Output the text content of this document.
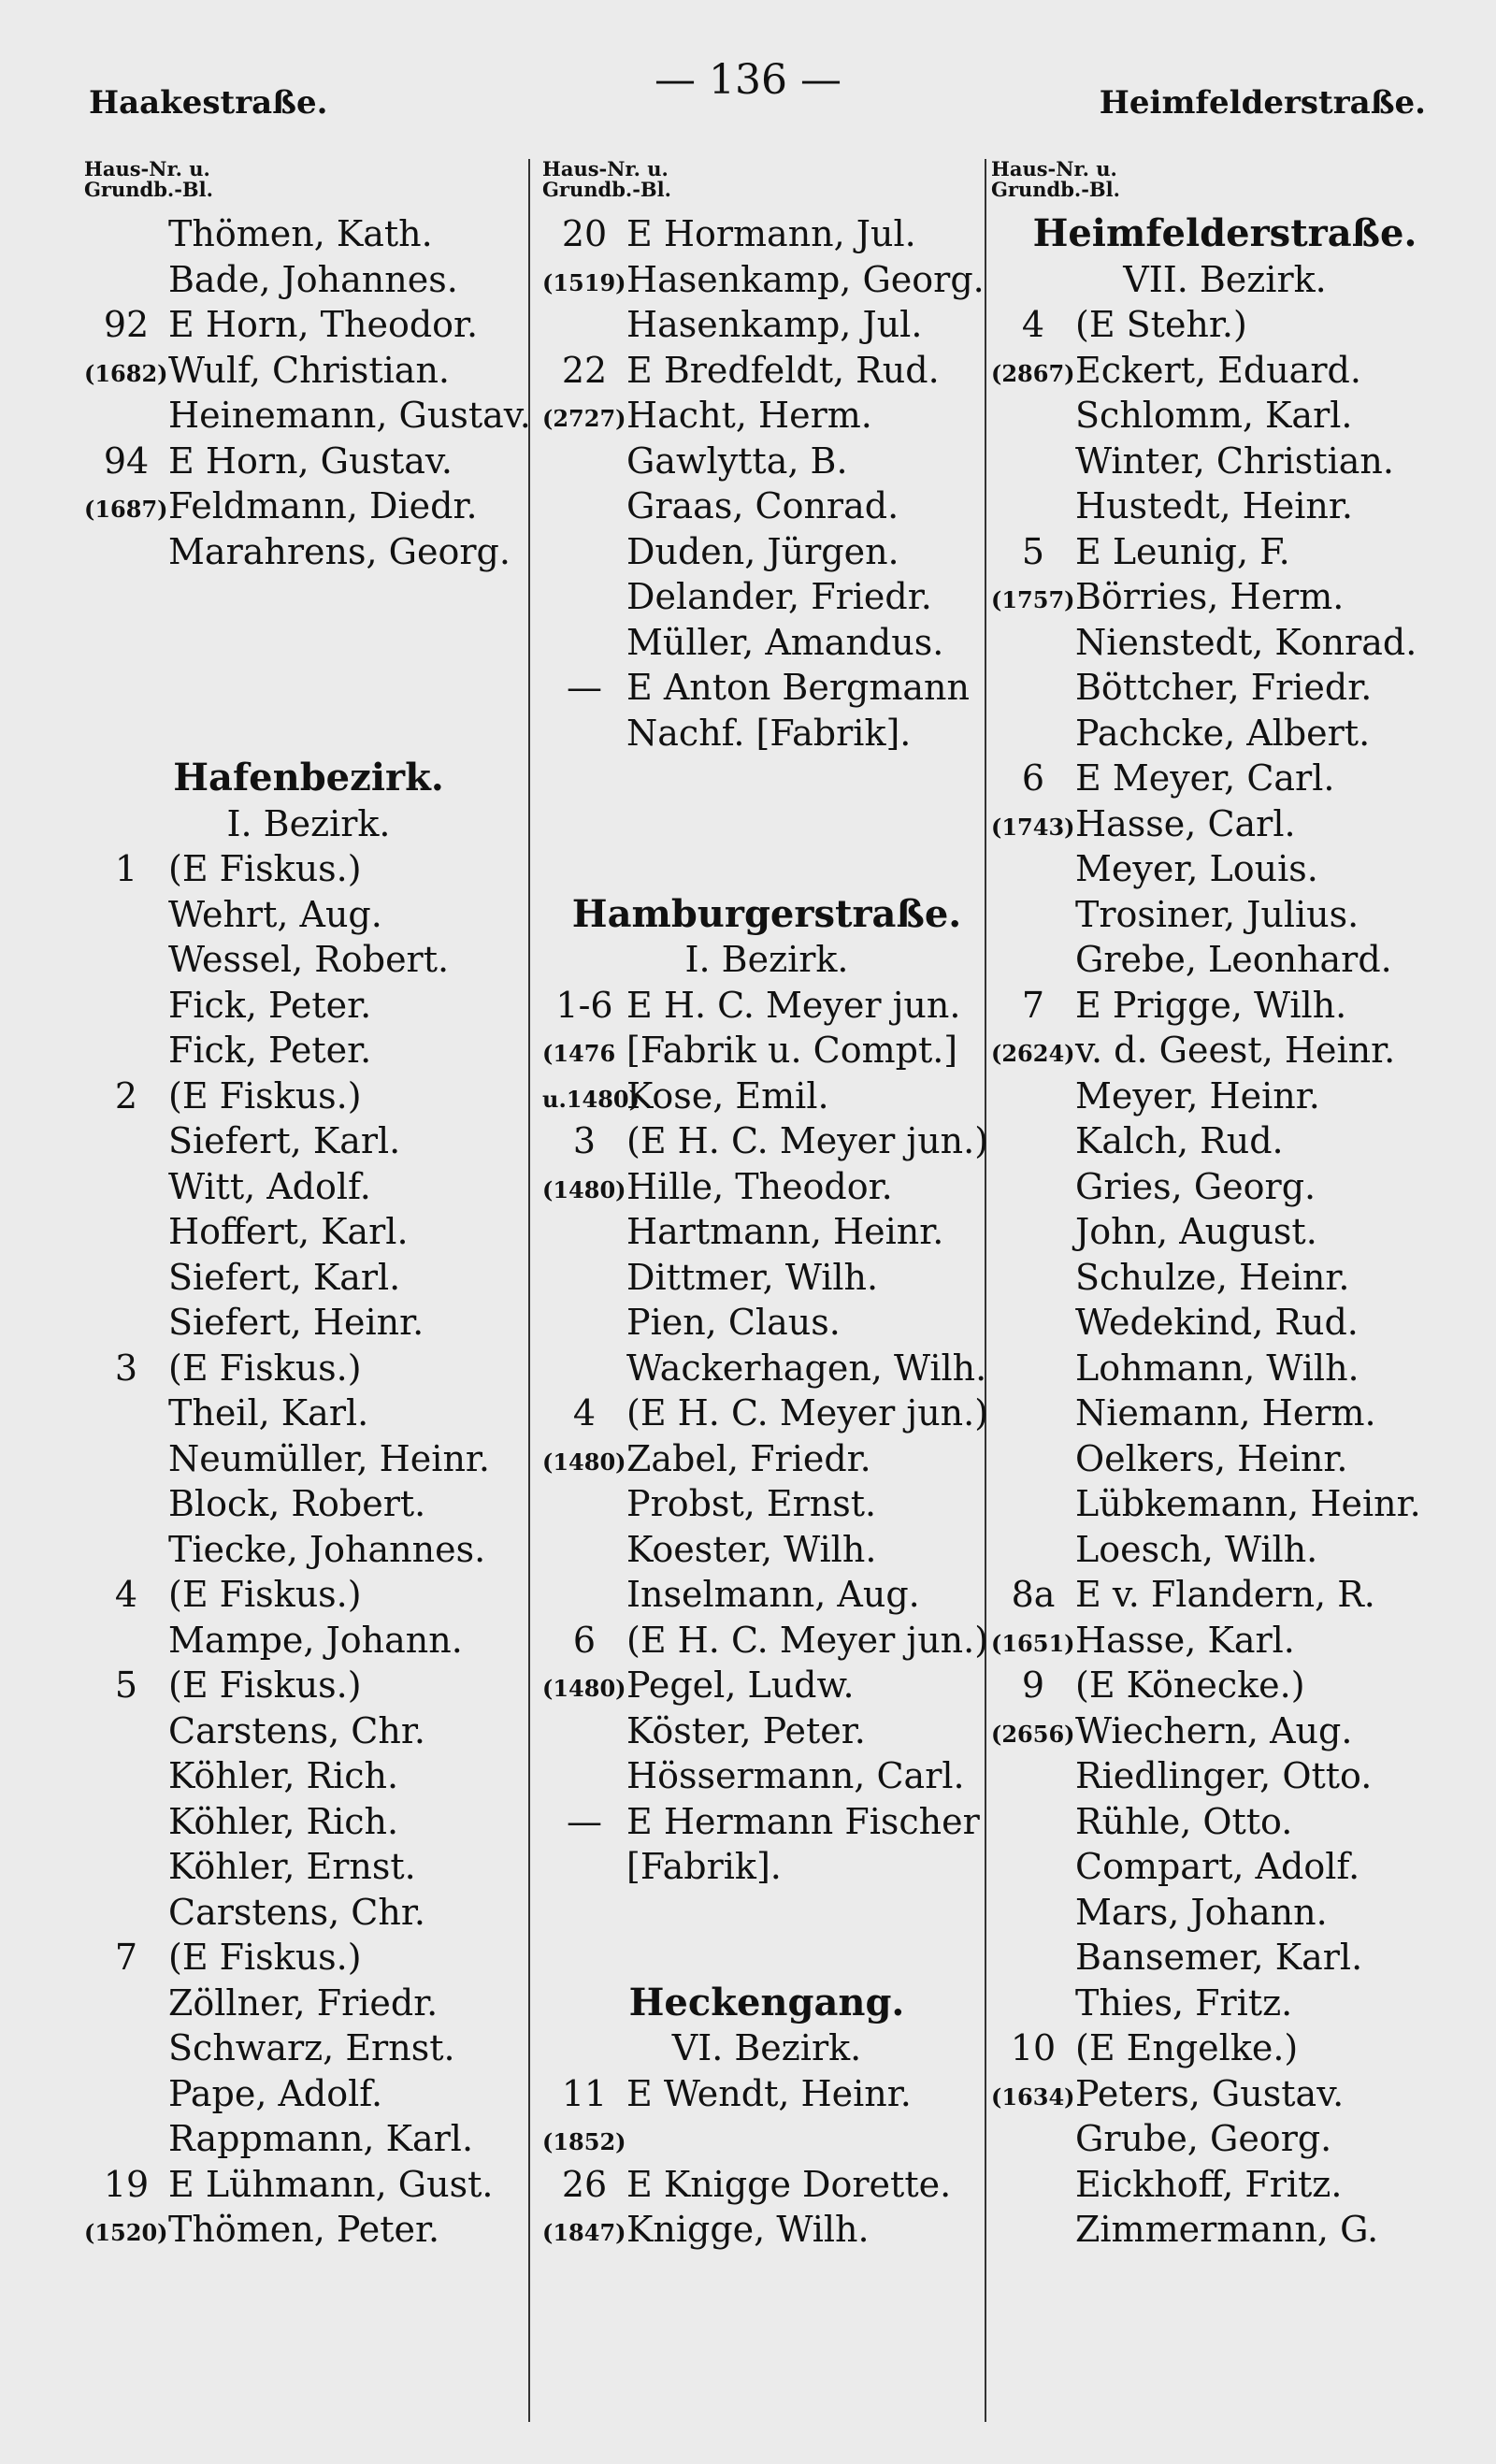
Haakestraße.	— 136 —	Heimfelderstraße.
Haus-Nr. u.
Grundb.-Bl.
Thömen, Kath.
Bade, Johannes.
92 E Horn, Theodor.
(1682) Wulf, Christian.
Heinemann, Gustav.
94 E Horn, Gustav.
(1687) Feldmann, Diedr.
Marahrens, Georg.
Hafenbezirk.
I. Bezirk.
1 (E Fiskus.)
Wehrt, Aug.
Wessel, Robert.
Fick, Peter.
Fick, Peter.
2 (E Fiskus.)
Siefert, Karl.
Witt, Adolf.
Hoffert, Karl.
Siefert, Karl.
Siefert, Heinr.
3 (E Fiskus.)
Theil, Karl.
Neumüller, Heinr.
Block, Robert.
Tiecke, Johannes.
4 (E Fiskus.)
Mampe, Johann.
5 (E Fiskus.)
Carstens, Chr.
Köhler, Rich.
Köhler, Rich.
Köhler, Ernst.
Carstens, Chr.
7 (E Fiskus.)
Zöllner, Friedr.
Schwarz, Ernst.
Pape, Adolf.
Rappmann, Karl.
19 E Lühmann, Gust.
(1520) Thömen, Peter.
Haus-Nr. u.
Grundb.-Bl.
20 E Hormann, Jul.
(1519) Hasenkamp, Georg.
Hasenkamp, Jul.
22 E Bredfeldt, Rud.
(2727) Hacht, Herm.
Gawlytta, B.
Graas, Conrad.
Duden, Jürgen.
Delander, Friedr.
Müller, Amandus.
— E Anton Bergmann
Nachf. [Fabrik].
Hamburgerstraße.
I. Bezirk.
1-6 E H. C. Meyer jun.
(1476 [Fabrik u. Compt.]
u.1480)
Kose, Emil.
3 (E H. C. Meyer jun.)
(1480) Hille, Theodor.
Hartmann, Heinr.
Dittmer, Wilh.
Pien, Claus.
Wackerhagen, Wilh.
4 (E H. C. Meyer jun.)
(1480) Zabel, Friedr.
Probst, Ernst.
Koester, Wilh.
Inselmann, Aug.
6 (E H. C. Meyer jun.)
(1480) Pegel, Ludw.
Köster, Peter.
Hössermann, Carl.
— E Hermann Fischer
[Fabrik].
Heckengang.
VI. Bezirk.
11 E Wendt, Heinr.
(1852)
26 E Knigge Dorette.
(1847) Knigge, Wilh.
Haus-Nr. u.
Grundb.-Bl.
Heimfelderstraße.
VII. Bezirk.
4 (E Stehr.)
(2867) Eckert, Eduard.
Schlomm, Karl.
Winter, Christian.
Hustedt, Heinr.
5 E Leunig, F.
(1757) Börries, Herm.
Nienstedt, Konrad.
Böttcher, Friedr.
Pachcke, Albert.
6 E Meyer, Carl.
(1743) Hasse, Carl.
Meyer, Louis.
Trosiner, Julius.
Grebe, Leonhard.
7 E Prigge, Wilh.
(2624) v. d. Geest, Heinr.
Meyer, Heinr.
Kalch, Rud.
Gries, Georg.
John, August.
Schulze, Heinr.
Wedekind, Rud.
Lohmann, Wilh.
Niemann, Herm.
Oelkers, Heinr.
Lübkemann, Heinr.
Loesch, Wilh.
8a E v. Flandern, R.
(1651) Hasse, Karl.
9 (E Könecke.)
(2656) Wiechern, Aug.
Riedlinger, Otto.
Rühle, Otto.
Compart, Adolf.
Mars, Johann.
Bansemer, Karl.
Thies, Fritz.
10 (E Engelke.)
(1634) Peters, Gustav.
Grube, Georg.
Eickhoff, Fritz.
Zimmermann, G.
